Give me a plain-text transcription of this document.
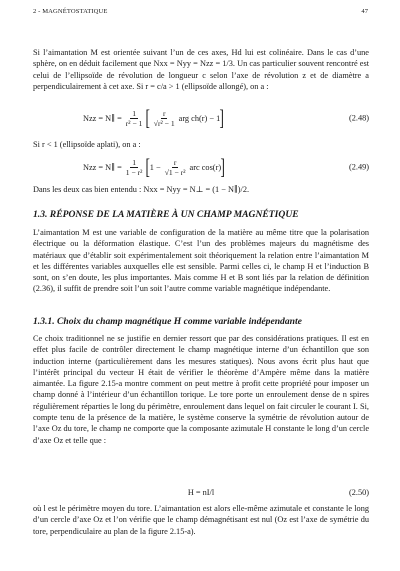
2 - MAGNÉTOSTATIQUE	47

Si l’aimantation M est orientée suivant l’un de ces axes, Hd lui est colinéaire. Dans le cas d’une sphère, on en déduit facilement que Nxx = Nyy = Nzz = 1/3. Un cas particulier souvent rencontré est celui de l’ellipsoïde de révolution de longueur c selon l’axe de révolution z et de diamètre a perpendiculairement à cet axe. Si r = c/a > 1 (ellipsoïde allongé), on a :

Nzz = N∥ = $\frac{1}{\text{r² − 1}}$ [ $\frac{r}{\text{√r² − 1}}$ arg ch(r) − 1 ]	(2.48)

Si r < 1 (ellipsoïde aplati), on a :

Nzz = N∥ = $\frac{1}{\text{1 − r²}}$ [ $1 - \frac{r}{\text{√1 − r²}}$ arc cos(r) ]	(2.49)

Dans les deux cas bien entendu : Nxx = Nyy = N⊥ = (1 − N∥)/2.

1.3. RÉPONSE DE LA MATIÈRE À UN CHAMP MAGNÉTIQUE

L’aimantation M est une variable de configuration de la matière au même titre que la polarisation électrique ou la déformation élastique. C’est l’un des problèmes majeurs du magnétisme des matériaux que d’établir soit expérimentalement soit théoriquement la relation entre l’aimantation M et les différentes variables auxquelles elle est sensible. Parmi celles ci, le champ H et l’induction B sont, on s’en doute, les plus importantes. Mais comme H et B sont liés par la relation de définition (2.36), il suffit de prendre soit l’un soit l’autre comme variable magnétique indépendante.

1.3.1. Choix du champ magnétique H comme variable indépendante

Ce choix traditionnel ne se justifie en dernier ressort que par des considérations pratiques. Il est en effet plus facile de contrôler directement le champ magnétique interne d’un échantillon que son induction interne (particulièrement dans les mesures statiques). Nous avons écrit plus haut que l’intérêt principal du vecteur H était de vérifier le théorème d’Ampère même dans la matière aimantée. La figure 2.15-a montre comment on peut mettre à profit cette propriété pour imposer un champ donné à l’intérieur d’un échantillon torique. Le tore porte un enroulement dense de n spires régulièrement réparties le long du périmètre, enroulement dans lequel on fait circuler le courant I. Si, compte tenu de la présence de la matière, le système conserve la symétrie de révolution autour de l’axe Oz du tore, le champ ne comporte que la composante azimutale H constante le long d’un cercle d’axe Oz et telle que :

H = nI/l	(2.50)

où l est le périmètre moyen du tore. L’aimantation est alors elle-même azimutale et constante le long d’un cercle d’axe Oz et l’on vérifie que le champ démagnétisant est nul (Oz est l’axe de symétrie du tore, perpendiculaire au plan de la figure 2.15-a).
